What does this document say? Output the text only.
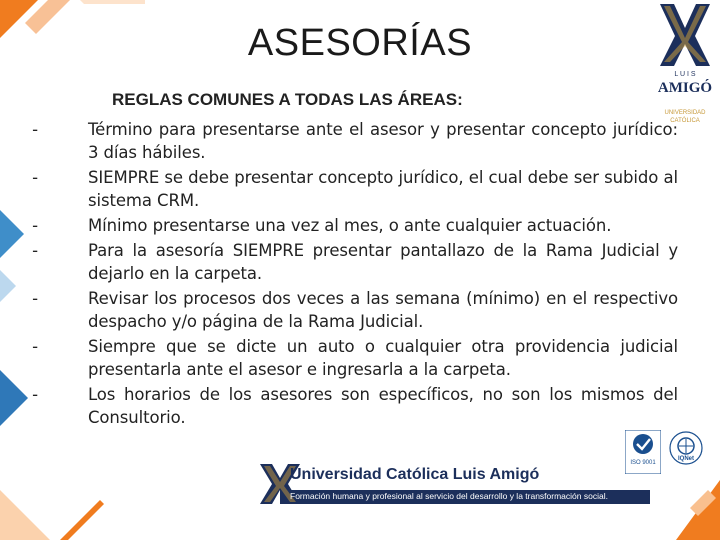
ASESORÍAS
REGLAS COMUNES A TODAS LAS ÁREAS:
-	Término para presentarse ante el asesor y presentar concepto jurídico: 3 días hábiles.
-	SIEMPRE se debe presentar concepto jurídico, el cual debe ser subido al sistema CRM.
-	Mínimo presentarse una vez al mes, o ante cualquier actuación.
-	Para la asesoría SIEMPRE presentar pantallazo de la Rama Judicial y dejarlo en la carpeta.
-	Revisar los procesos dos veces a las semana (mínimo) en el respectivo despacho y/o página de la Rama Judicial.
-	Siempre que se dicte un auto o cualquier otra providencia judicial presentarla ante el asesor e ingresarla a la carpeta.
-	Los horarios de los asesores son específicos, no son los mismos del Consultorio.
L U I S
AMIGÓ
UNIVERSIDAD
CATÓLICA
Universidad Católica Luis Amigó
Formación humana y profesional al servicio del desarrollo y la transformación social.
ISO 9001
IQNet
